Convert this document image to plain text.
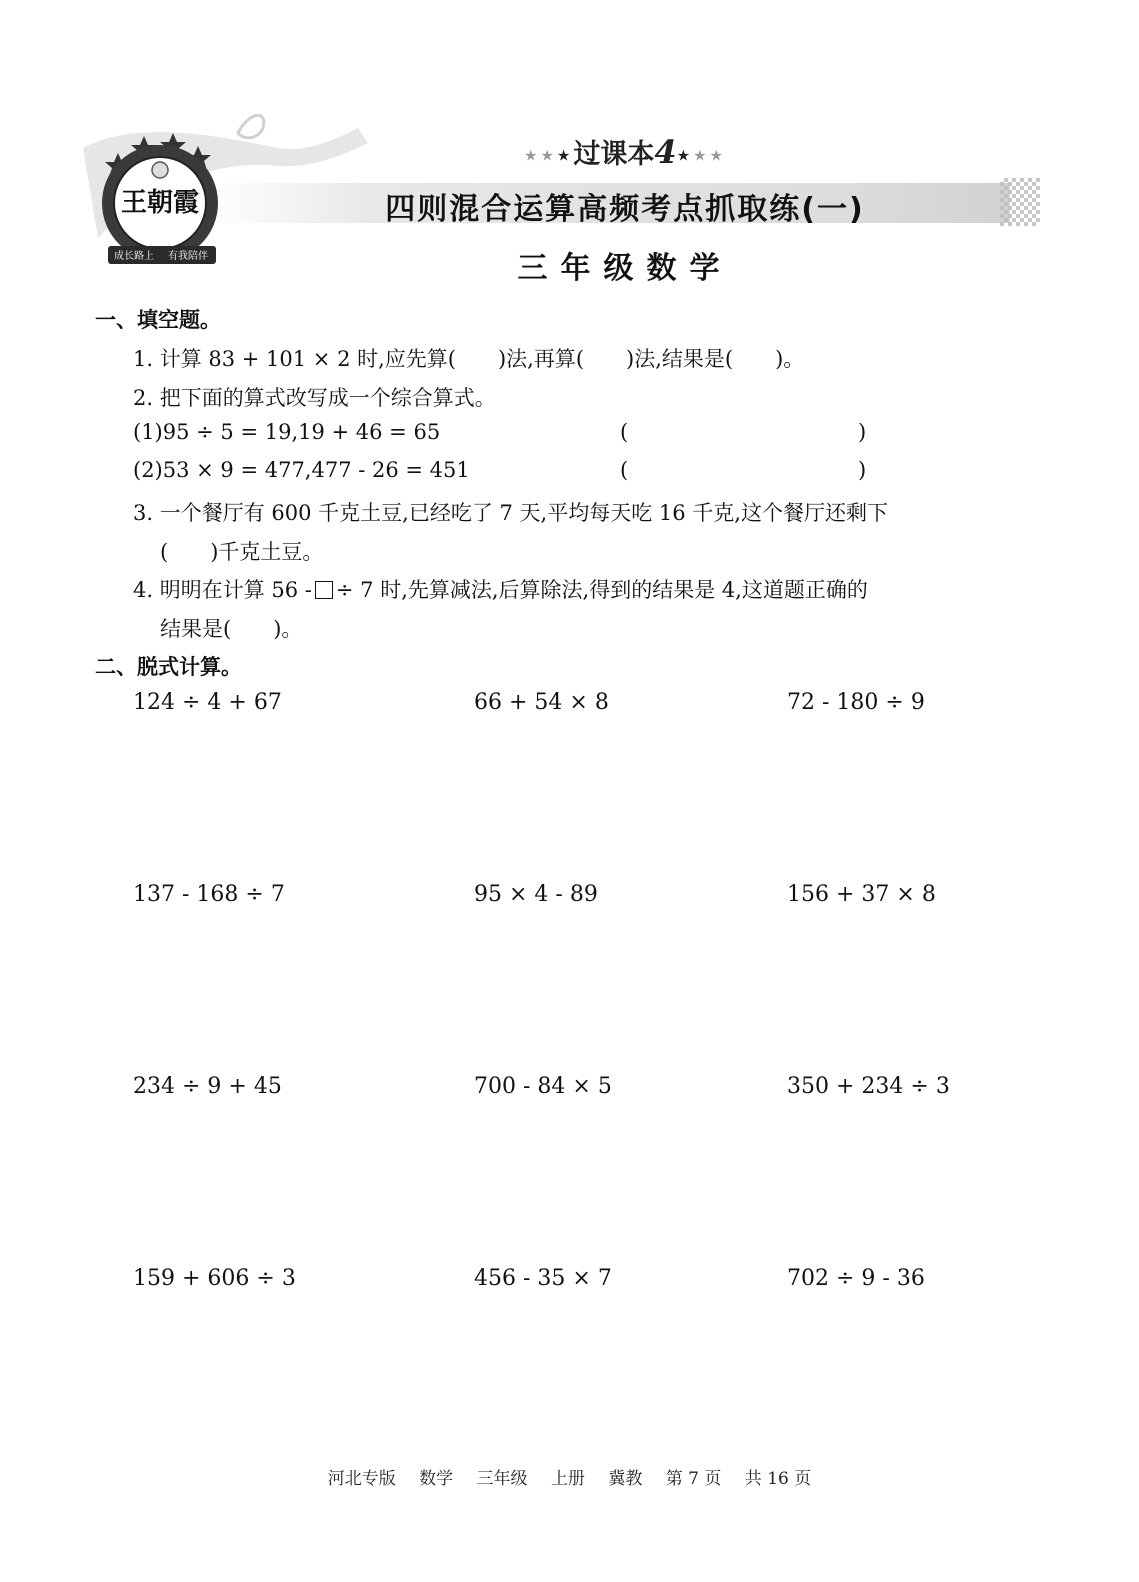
王朝霞
成长路上 有我陪伴
★★★过课本4★★★
四则混合运算高频考点抓取练(一)
三年级数学
一、填空题。
1. 计算 83 + 101 × 2 时,应先算(　　)法,再算(　　)法,结果是(　　)。
2. 把下面的算式改写成一个综合算式。
(1)95 ÷ 5 = 19,19 + 46 = 65	(	)
(2)53 × 9 = 477,477 - 26 = 451	(	)
3. 一个餐厅有 600 千克土豆,已经吃了 7 天,平均每天吃 16 千克,这个餐厅还剩下
(　　)千克土豆。
4. 明明在计算 56 - ÷ 7 时,先算减法,后算除法,得到的结果是 4,这道题正确的
结果是(　　)。
二、脱式计算。
124 ÷ 4 + 67	66 + 54 × 8	72 - 180 ÷ 9
137 - 168 ÷ 7	95 × 4 - 89	156 + 37 × 8
234 ÷ 9 + 45	700 - 84 × 5	350 + 234 ÷ 3
159 + 606 ÷ 3	456 - 35 × 7	702 ÷ 9 - 36
河北专版 数学 三年级 上册 冀教 第 7 页 共 16 页
